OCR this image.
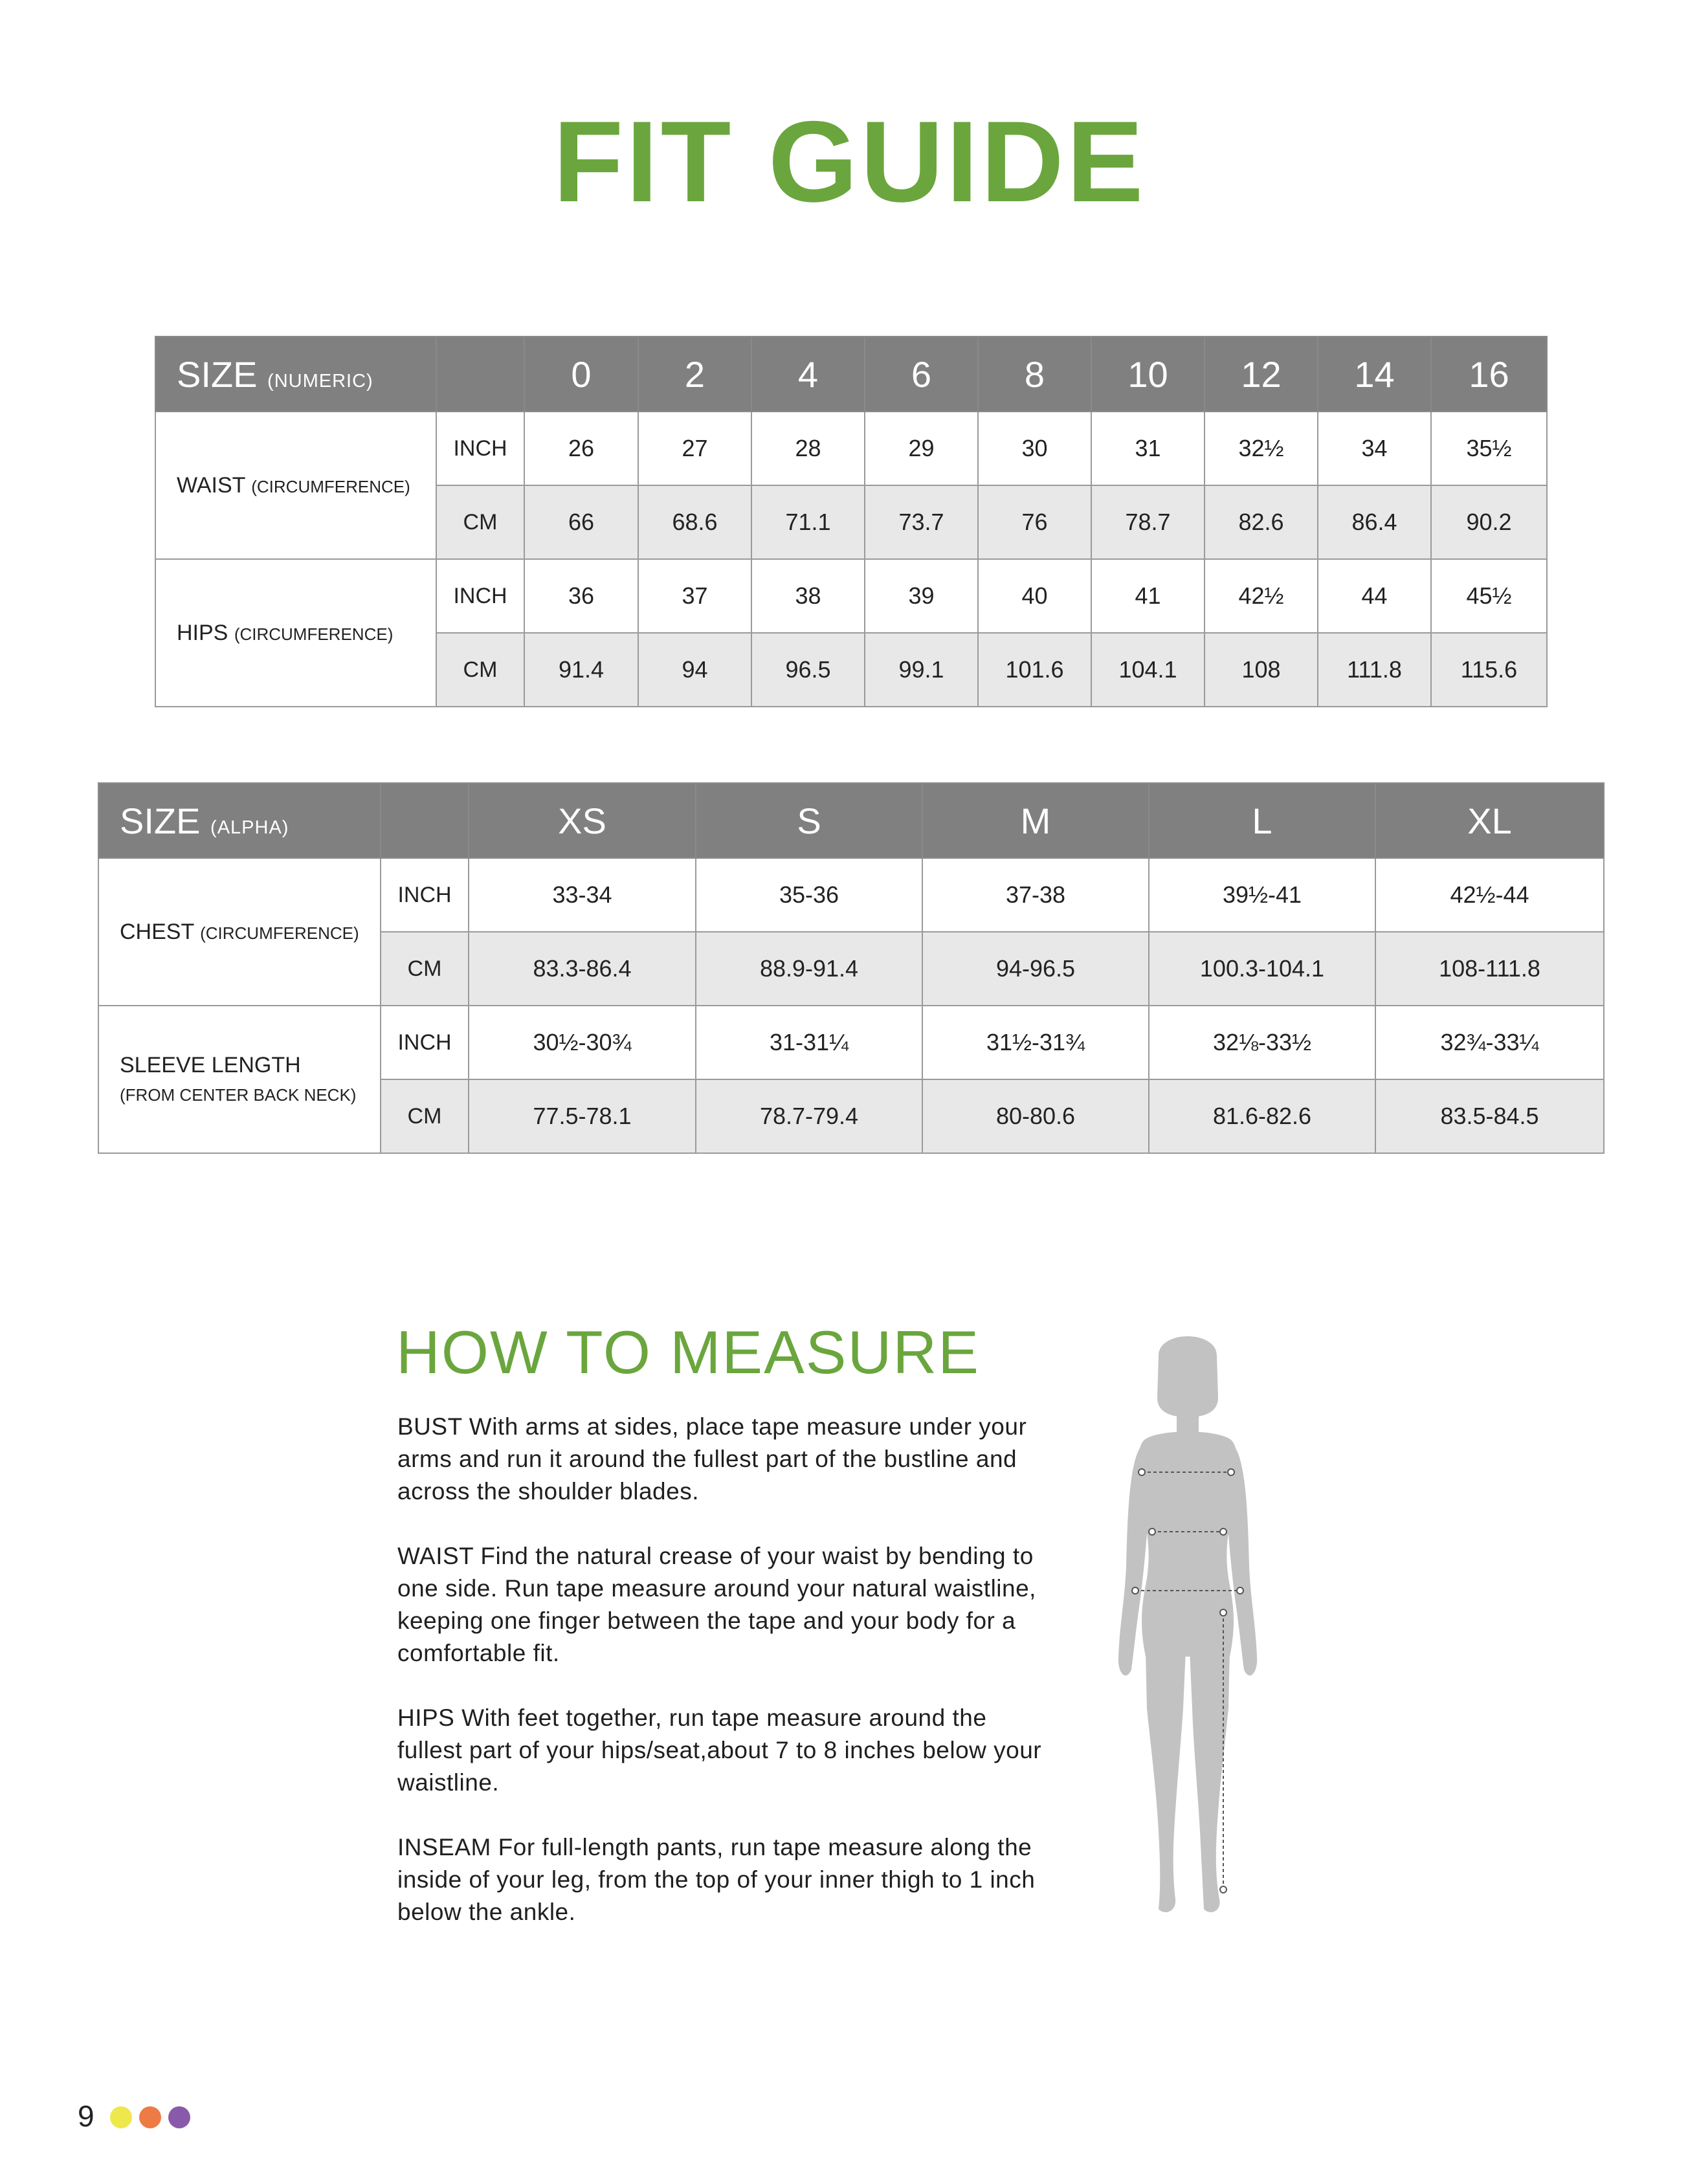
FIT GUIDE
SIZE (NUMERIC)		0	2	4	6	8	10	12	14	16
WAIST (CIRCUMFERENCE)	INCH	26	27	28	29	30	31	32½	34	35½
	CM	66	68.6	71.1	73.7	76	78.7	82.6	86.4	90.2
HIPS (CIRCUMFERENCE)	INCH	36	37	38	39	40	41	42½	44	45½
	CM	91.4	94	96.5	99.1	101.6	104.1	108	111.8	115.6
SIZE (ALPHA)		XS	S	M	L	XL
CHEST (CIRCUMFERENCE)	INCH	33-34	35-36	37-38	39½-41	42½-44
	CM	83.3-86.4	88.9-91.4	94-96.5	100.3-104.1	108-111.8
SLEEVE LENGTH
(FROM CENTER BACK NECK)	INCH	30½-30¾	31-31¼	31½-31¾	32⅛-33½	32¾-33¼
	CM	77.5-78.1	78.7-79.4	80-80.6	81.6-82.6	83.5-84.5
HOW TO MEASURE

BUST With arms at sides, place tape measure under your arms and run it around the fullest part of the bustline and across the shoulder blades.

WAIST Find the natural crease of your waist by bending to one side. Run tape measure around your natural waistline, keeping one finger between the tape and your body for a comfortable fit.

HIPS With feet together, run tape measure around the fullest part of your hips/seat,about 7 to 8 inches below your waistline.

INSEAM For full-length pants, run tape measure along the inside of your leg, from the top of your inner thigh to 1 inch below the ankle.

9
